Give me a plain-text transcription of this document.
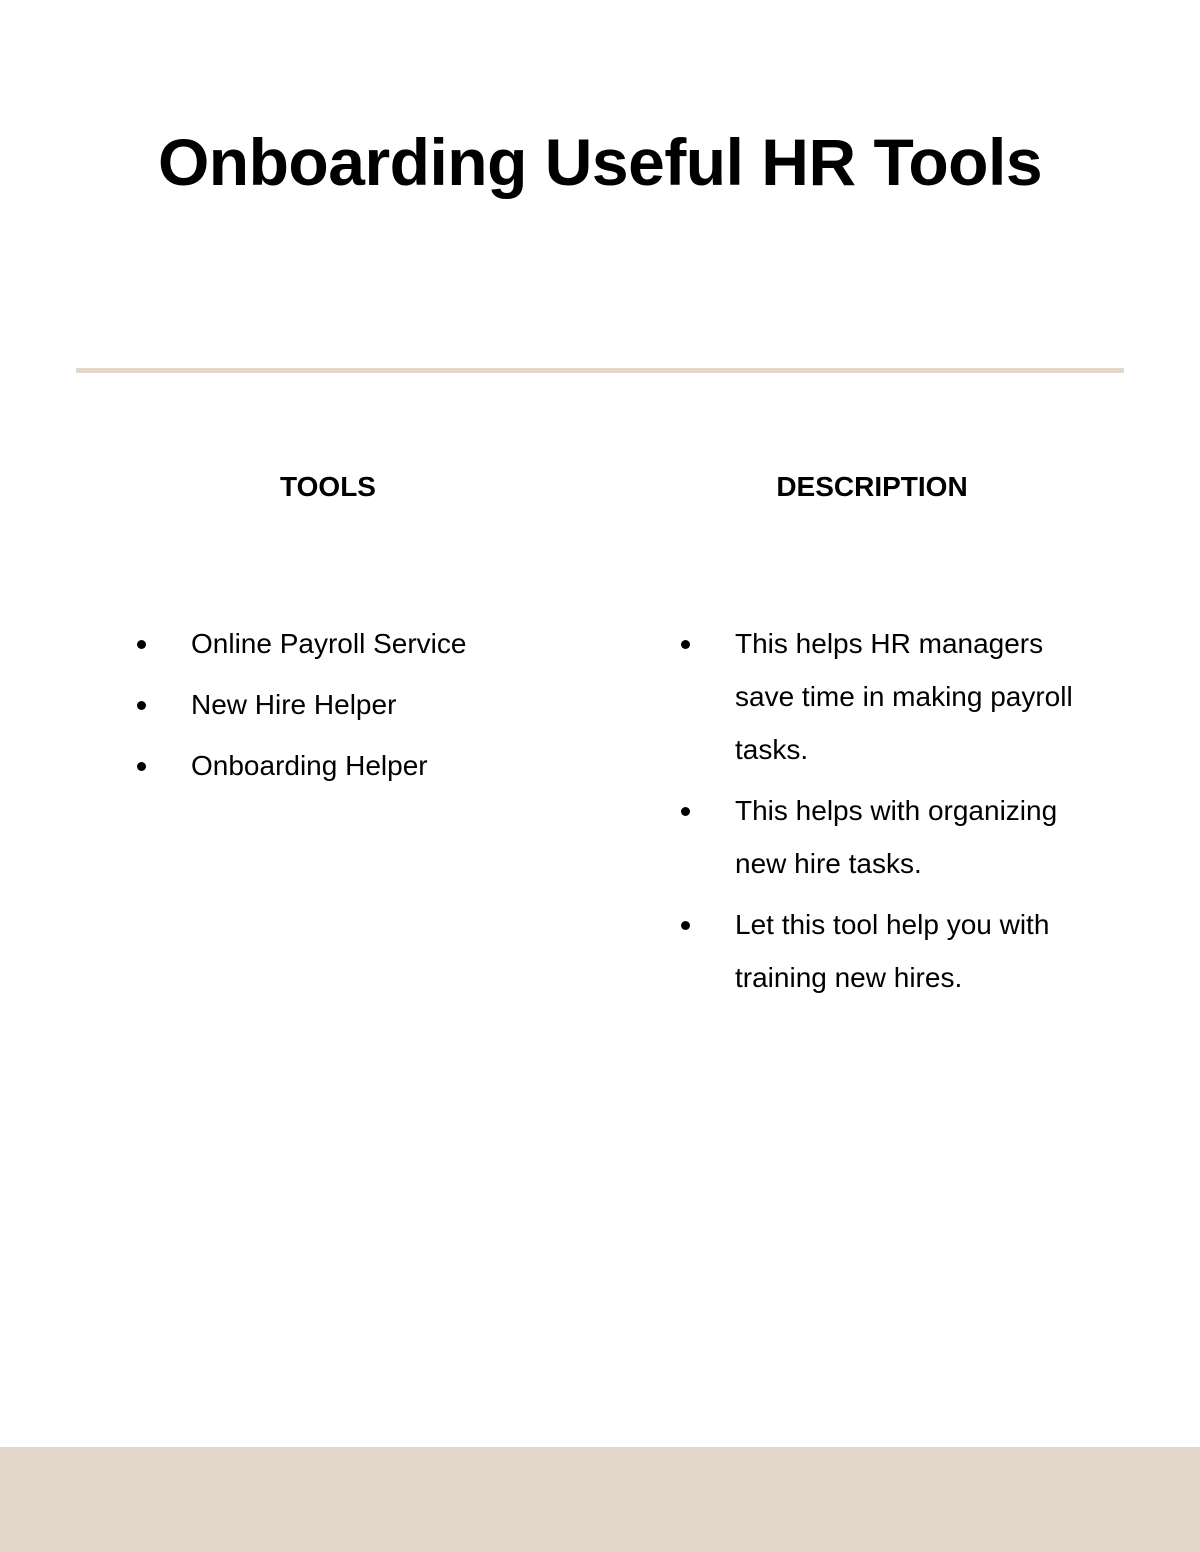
Onboarding Useful HR Tools
TOOLS	DESCRIPTION
Online Payroll Service
New Hire Helper
Onboarding Helper
This helps HR managers save time in making payroll tasks.
This helps with organizing new hire tasks.
Let this tool help you with training new hires.
